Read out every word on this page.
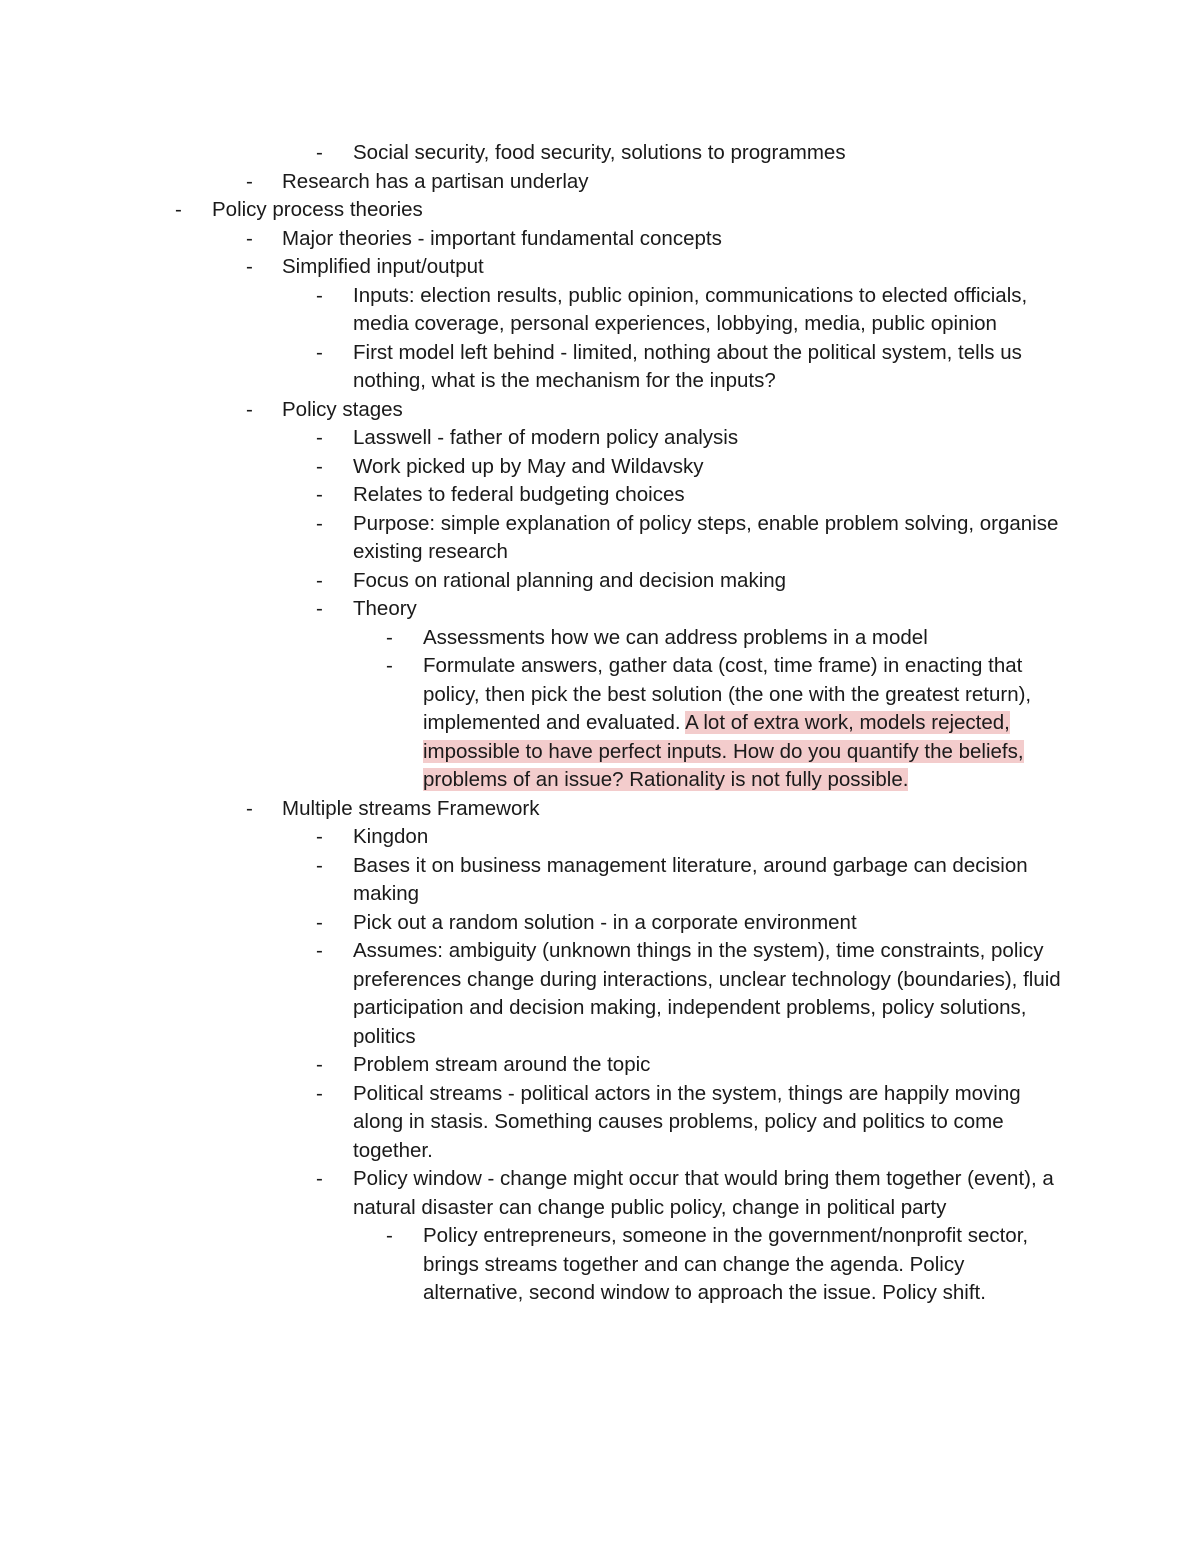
- Social security, food security, solutions to programmes
- Research has a partisan underlay
- Policy process theories
- Major theories - important fundamental concepts
- Simplified input/output
- Inputs: election results, public opinion, communications to elected officials, media coverage, personal experiences, lobbying, media, public opinion
- First model left behind - limited, nothing about the political system, tells us nothing, what is the mechanism for the inputs?
- Policy stages
- Lasswell - father of modern policy analysis
- Work picked up by May and Wildavsky
- Relates to federal budgeting choices
- Purpose: simple explanation of policy steps, enable problem solving, organise existing research
- Focus on rational planning and decision making
- Theory
- Assessments how we can address problems in a model
- Formulate answers, gather data (cost, time frame) in enacting that policy, then pick the best solution (the one with the greatest return), implemented and evaluated. A lot of extra work, models rejected, impossible to have perfect inputs. How do you quantify the beliefs, problems of an issue? Rationality is not fully possible.
- Multiple streams Framework
- Kingdon
- Bases it on business management literature, around garbage can decision making
- Pick out a random solution - in a corporate environment
- Assumes: ambiguity (unknown things in the system), time constraints, policy preferences change during interactions, unclear technology (boundaries), fluid participation and decision making, independent problems, policy solutions, politics
- Problem stream around the topic
- Political streams - political actors in the system, things are happily moving along in stasis. Something causes problems, policy and politics to come together.
- Policy window - change might occur that would bring them together (event), a natural disaster can change public policy, change in political party
- Policy entrepreneurs, someone in the government/nonprofit sector, brings streams together and can change the agenda. Policy alternative, second window to approach the issue. Policy shift.
